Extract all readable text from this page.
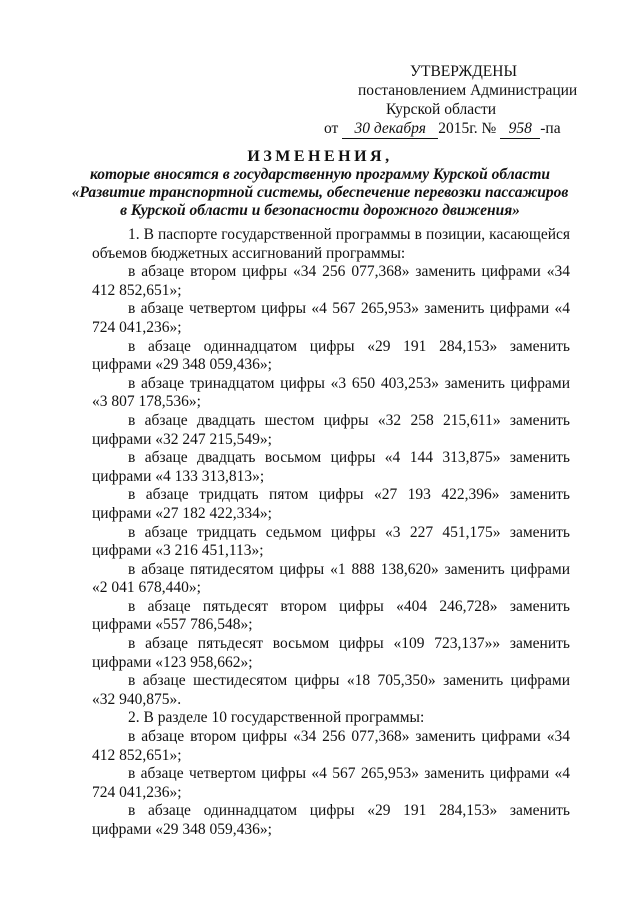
УТВЕРЖДЕНЫ
постановлением Администрации
Курской области
от 30 декабря 2015г. № 958 -па
ИЗМЕНЕНИЯ,
которые вносятся в государственную программу Курской области
«Развитие транспортной системы, обеспечение перевозки пассажиров
в Курской области и безопасности дорожного движения»

1. В паспорте государственной программы в позиции, касающейся объемов бюджетных ассигнований программы:

в абзаце втором цифры «34 256 077,368» заменить цифрами «34 412 852,651»;

в абзаце четвертом цифры «4 567 265,953» заменить цифрами «4 724 041,236»;

в абзаце одиннадцатом цифры «29 191 284,153» заменить цифрами «29 348 059,436»;

в абзаце тринадцатом цифры «3 650 403,253» заменить цифрами «3 807 178,536»;

в абзаце двадцать шестом цифры «32 258 215,611» заменить цифрами «32 247 215,549»;

в абзаце двадцать восьмом цифры «4 144 313,875» заменить цифрами «4 133 313,813»;

в абзаце тридцать пятом цифры «27 193 422,396» заменить цифрами «27 182 422,334»;

в абзаце тридцать седьмом цифры «3 227 451,175» заменить цифрами «3 216 451,113»;

в абзаце пятидесятом цифры «1 888 138,620» заменить цифрами «2 041 678,440»;

в абзаце пятьдесят втором цифры «404 246,728» заменить цифрами «557 786,548»;

в абзаце пятьдесят восьмом цифры «109 723,137»» заменить цифрами «123 958,662»;

в абзаце шестидесятом цифры «18 705,350» заменить цифрами «32 940,875».

2. В разделе 10 государственной программы:

в абзаце втором цифры «34 256 077,368» заменить цифрами «34 412 852,651»;

в абзаце четвертом цифры «4 567 265,953» заменить цифрами «4 724 041,236»;

в абзаце одиннадцатом цифры «29 191 284,153» заменить цифрами «29 348 059,436»;
